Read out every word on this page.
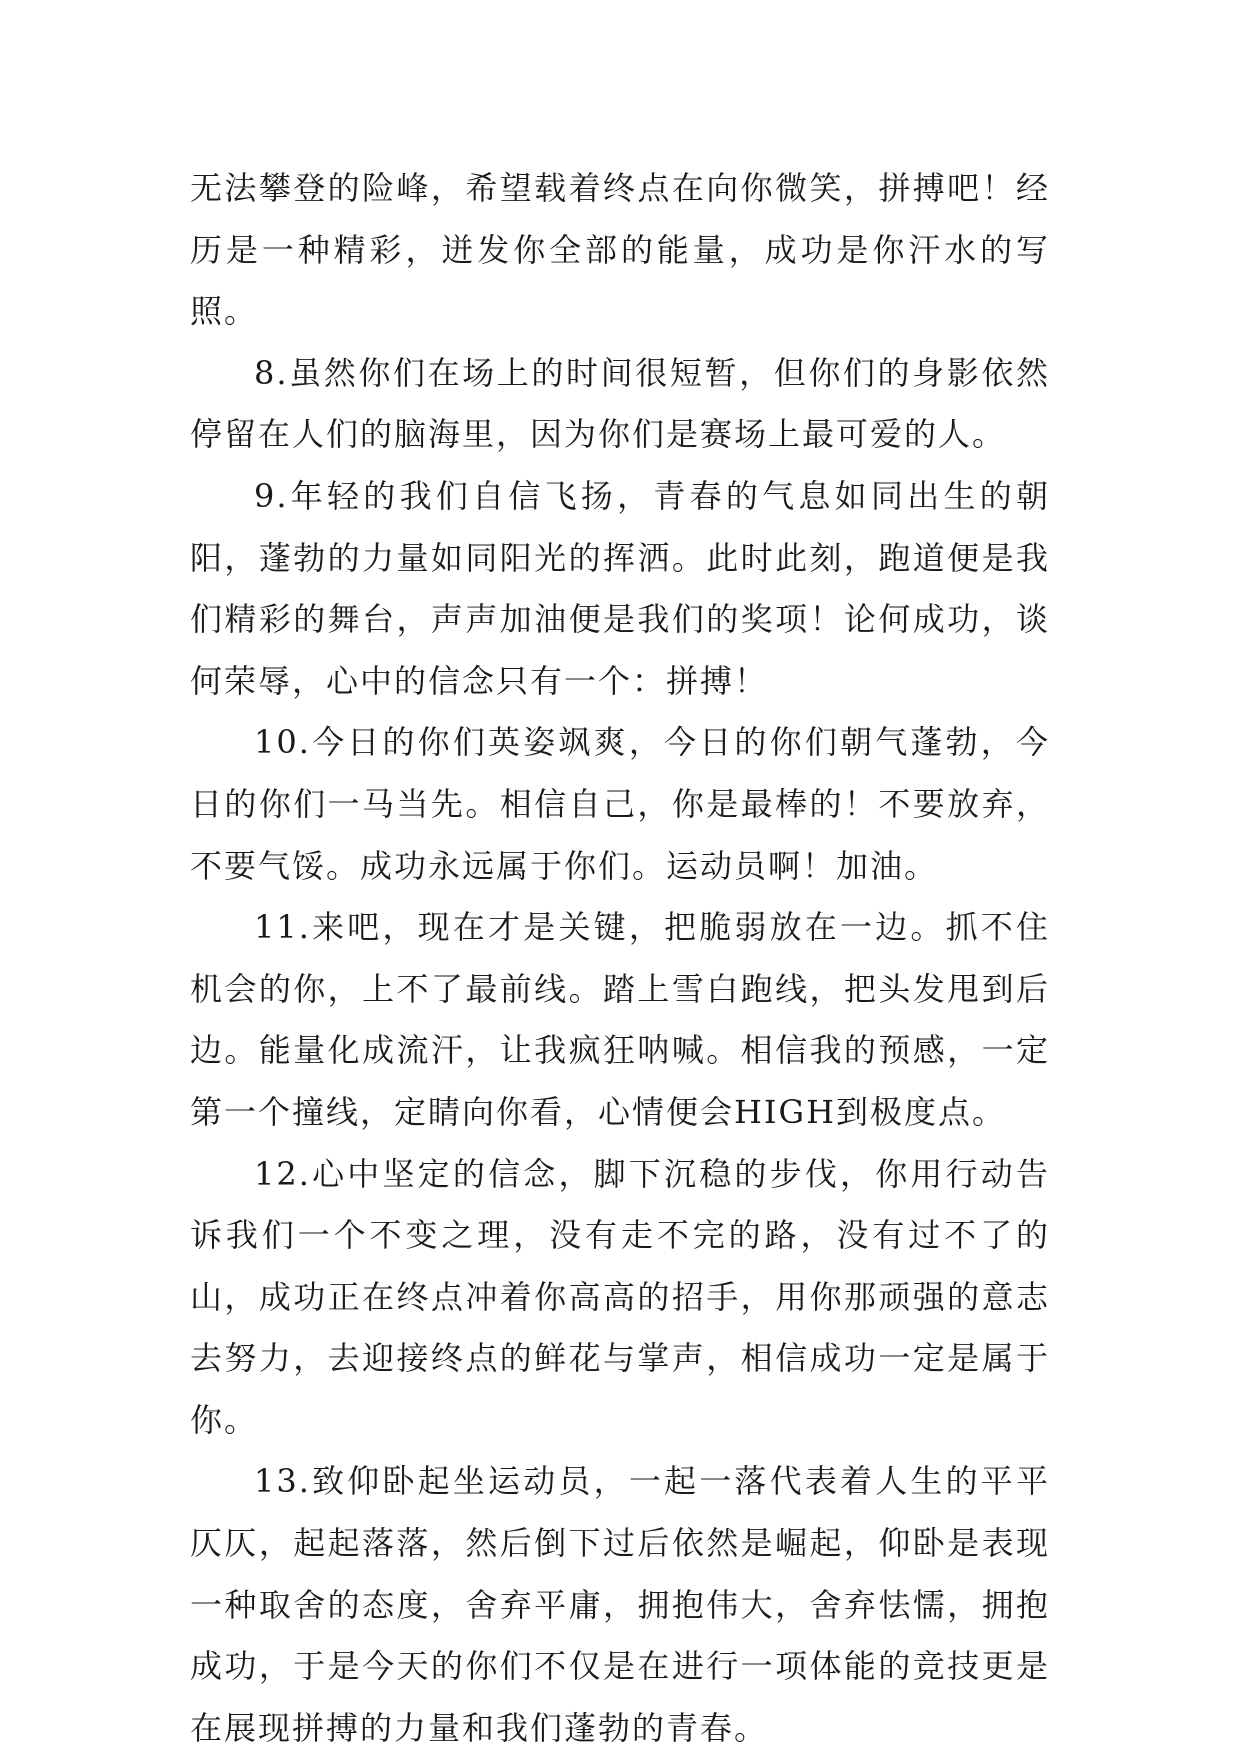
无法攀登的险峰，希望载着终点在向你微笑，拼搏吧！经历是一种精彩，迸发你全部的能量，成功是你汗水的写照。

8.虽然你们在场上的时间很短暂，但你们的身影依然停留在人们的脑海里，因为你们是赛场上最可爱的人。

9.年轻的我们自信飞扬，青春的气息如同出生的朝阳，蓬勃的力量如同阳光的挥洒。此时此刻，跑道便是我们精彩的舞台，声声加油便是我们的奖项！论何成功，谈何荣辱，心中的信念只有一个：拼搏！

10.今日的你们英姿飒爽，今日的你们朝气蓬勃，今日的你们一马当先。相信自己，你是最棒的！不要放弃，不要气馁。成功永远属于你们。运动员啊！加油。

11.来吧，现在才是关键，把脆弱放在一边。抓不住机会的你，上不了最前线。踏上雪白跑线，把头发甩到后边。能量化成流汗，让我疯狂呐喊。相信我的预感，一定第一个撞线，定睛向你看，心情便会HIGH到极度点。

12.心中坚定的信念，脚下沉稳的步伐，你用行动告诉我们一个不变之理，没有走不完的路，没有过不了的山，成功正在终点冲着你高高的招手，用你那顽强的意志去努力，去迎接终点的鲜花与掌声，相信成功一定是属于你。

13.致仰卧起坐运动员，一起一落代表着人生的平平仄仄，起起落落，然后倒下过后依然是崛起，仰卧是表现一种取舍的态度，舍弃平庸，拥抱伟大，舍弃怯懦，拥抱成功，于是今天的你们不仅是在进行一项体能的竞技更是在展现拼搏的力量和我们蓬勃的青春。
